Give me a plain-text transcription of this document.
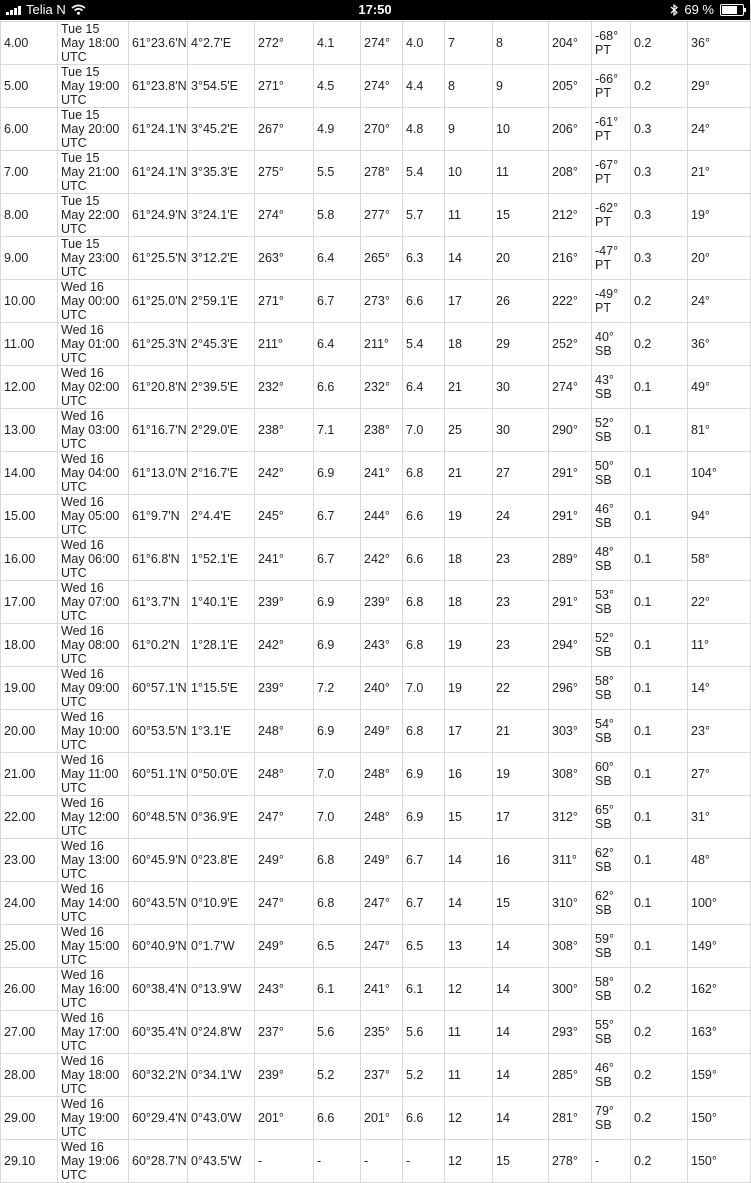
Telia N	17:50	69 %

4.00	Tue 15 May 18:00 UTC	61°23.6'N	4°2.7'E	272°	4.1	274°	4.0	7	8	204°	-68° PT	0.2	36°
5.00	Tue 15 May 19:00 UTC	61°23.8'N	3°54.5'E	271°	4.5	274°	4.4	8	9	205°	-66° PT	0.2	29°
6.00	Tue 15 May 20:00 UTC	61°24.1'N	3°45.2'E	267°	4.9	270°	4.8	9	10	206°	-61° PT	0.3	24°
7.00	Tue 15 May 21:00 UTC	61°24.1'N	3°35.3'E	275°	5.5	278°	5.4	10	11	208°	-67° PT	0.3	21°
8.00	Tue 15 May 22:00 UTC	61°24.9'N	3°24.1'E	274°	5.8	277°	5.7	11	15	212°	-62° PT	0.3	19°
9.00	Tue 15 May 23:00 UTC	61°25.5'N	3°12.2'E	263°	6.4	265°	6.3	14	20	216°	-47° PT	0.3	20°
10.00	Wed 16 May 00:00 UTC	61°25.0'N	2°59.1'E	271°	6.7	273°	6.6	17	26	222°	-49° PT	0.2	24°
11.00	Wed 16 May 01:00 UTC	61°25.3'N	2°45.3'E	211°	6.4	211°	5.4	18	29	252°	40° SB	0.2	36°
12.00	Wed 16 May 02:00 UTC	61°20.8'N	2°39.5'E	232°	6.6	232°	6.4	21	30	274°	43° SB	0.1	49°
13.00	Wed 16 May 03:00 UTC	61°16.7'N	2°29.0'E	238°	7.1	238°	7.0	25	30	290°	52° SB	0.1	81°
14.00	Wed 16 May 04:00 UTC	61°13.0'N	2°16.7'E	242°	6.9	241°	6.8	21	27	291°	50° SB	0.1	104°
15.00	Wed 16 May 05:00 UTC	61°9.7'N	2°4.4'E	245°	6.7	244°	6.6	19	24	291°	46° SB	0.1	94°
16.00	Wed 16 May 06:00 UTC	61°6.8'N	1°52.1'E	241°	6.7	242°	6.6	18	23	289°	48° SB	0.1	58°
17.00	Wed 16 May 07:00 UTC	61°3.7'N	1°40.1'E	239°	6.9	239°	6.8	18	23	291°	53° SB	0.1	22°
18.00	Wed 16 May 08:00 UTC	61°0.2'N	1°28.1'E	242°	6.9	243°	6.8	19	23	294°	52° SB	0.1	11°
19.00	Wed 16 May 09:00 UTC	60°57.1'N	1°15.5'E	239°	7.2	240°	7.0	19	22	296°	58° SB	0.1	14°
20.00	Wed 16 May 10:00 UTC	60°53.5'N	1°3.1'E	248°	6.9	249°	6.8	17	21	303°	54° SB	0.1	23°
21.00	Wed 16 May 11:00 UTC	60°51.1'N	0°50.0'E	248°	7.0	248°	6.9	16	19	308°	60° SB	0.1	27°
22.00	Wed 16 May 12:00 UTC	60°48.5'N	0°36.9'E	247°	7.0	248°	6.9	15	17	312°	65° SB	0.1	31°
23.00	Wed 16 May 13:00 UTC	60°45.9'N	0°23.8'E	249°	6.8	249°	6.7	14	16	311°	62° SB	0.1	48°
24.00	Wed 16 May 14:00 UTC	60°43.5'N	0°10.9'E	247°	6.8	247°	6.7	14	15	310°	62° SB	0.1	100°
25.00	Wed 16 May 15:00 UTC	60°40.9'N	0°1.7'W	249°	6.5	247°	6.5	13	14	308°	59° SB	0.1	149°
26.00	Wed 16 May 16:00 UTC	60°38.4'N	0°13.9'W	243°	6.1	241°	6.1	12	14	300°	58° SB	0.2	162°
27.00	Wed 16 May 17:00 UTC	60°35.4'N	0°24.8'W	237°	5.6	235°	5.6	11	14	293°	55° SB	0.2	163°
28.00	Wed 16 May 18:00 UTC	60°32.2'N	0°34.1'W	239°	5.2	237°	5.2	11	14	285°	46° SB	0.2	159°
29.00	Wed 16 May 19:00 UTC	60°29.4'N	0°43.0'W	201°	6.6	201°	6.6	12	14	281°	79° SB	0.2	150°
29.10	Wed 16 May 19:06 UTC	60°28.7'N	0°43.5'W	-	-	-	-	12	15	278°	-	0.2	150°
